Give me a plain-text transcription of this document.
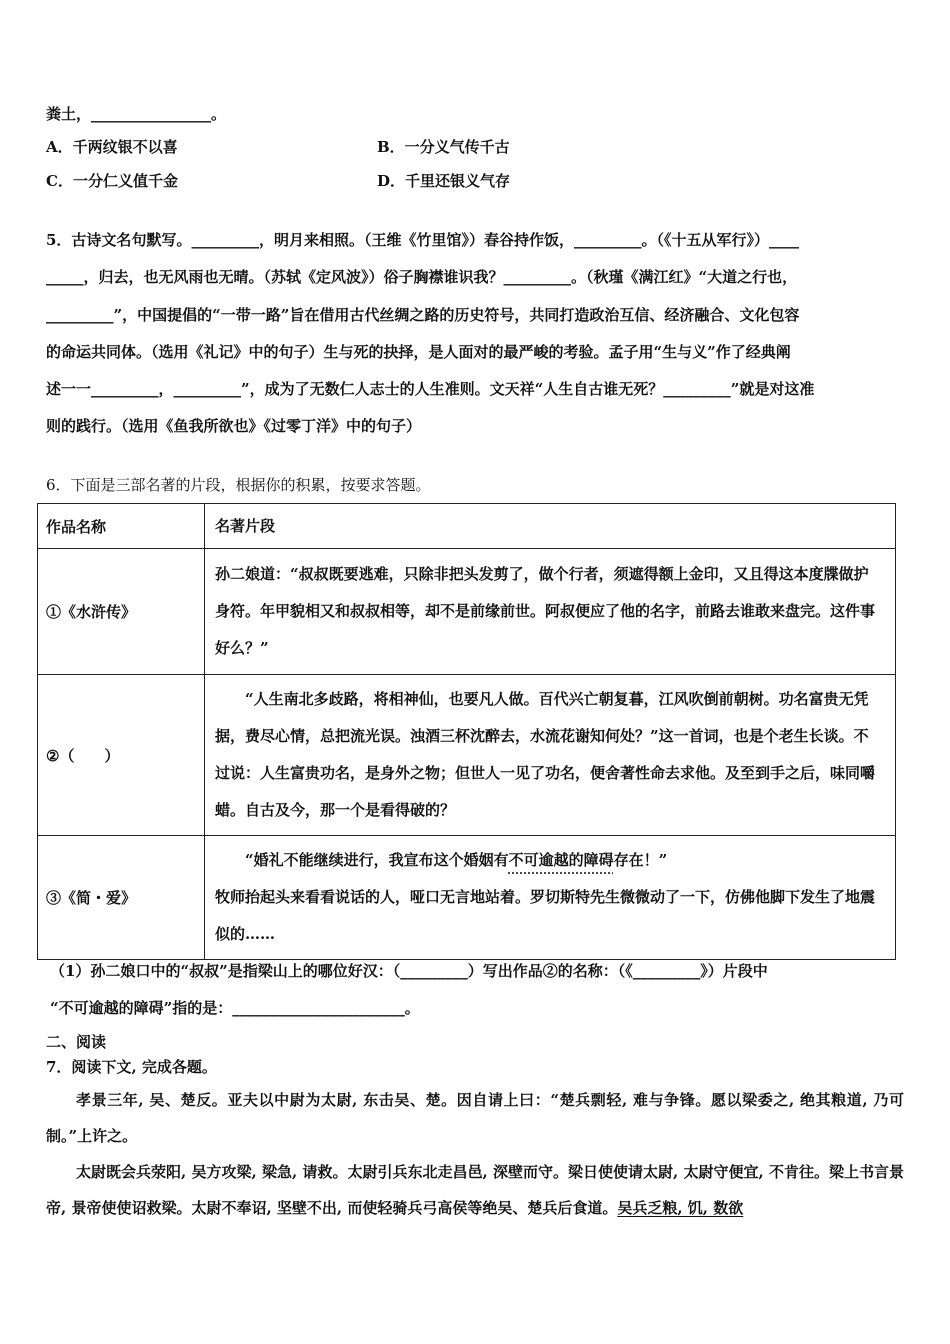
粪土，________________。
A．千两纹银不以喜	B．一分义气传千古
C．一分仁义值千金	D．千里还银义气存
5．古诗文名句默写。_________，明月来相照。（王维《竹里馆》）春谷持作饭，_________。（《十五从军行》）____
_____，归去，也无风雨也无晴。（苏轼《定风波》）俗子胸襟谁识我？_________。（秋瑾《满江红》“大道之行也，
_________”，中国提倡的“一带一路”旨在借用古代丝绸之路的历史符号，共同打造政治互信、经济融合、文化包容
的命运共同体。（选用《礼记》中的句子）生与死的抉择，是人面对的最严峻的考验。孟子用“生与义”作了经典阐
述一一_________，_________”，成为了无数仁人志士的人生准则。文天祥“人生自古谁无死？_________”就是对这准
则的践行。（选用《鱼我所欲也》《过零丁洋》中的句子）
6．下面是三部名著的片段，根据你的积累，按要求答题。
作品名称	名著片段
①《水浒传》	孙二娘道：“叔叔既要逃难，只除非把头发剪了，做个行者，须遮得额上金印，又且得这本度牒做护身符。年甲貌相又和叔叔相等，却不是前缘前世。阿叔便应了他的名字，前路去谁敢来盘完。这件事好么？”
②（　　）	“人生南北多歧路，将相神仙，也要凡人做。百代兴亡朝复暮，江风吹倒前朝树。功名富贵无凭据，费尽心情，总把流光误。浊酒三杯沈醉去，水流花谢知何处？”这一首词，也是个老生长谈。不过说：人生富贵功名，是身外之物；但世人一见了功名，便舍著性命去求他。及至到手之后，味同嚼蜡。自古及今，那一个是看得破的？
③《简・爱》	“婚礼不能继续进行，我宣布这个婚姻有不可逾越的障碍存在！”
牧师抬起头来看看说话的人，哑口无言地站着。罗切斯特先生微微动了一下，仿佛他脚下发生了地震似的……
（1）孙二娘口中的“叔叔”是指梁山上的哪位好汉：（_________）写出作品②的名称：（《_________》）片段中
“不可逾越的障碍”指的是：_______________________。
二、阅读
7．阅读下文, 完成各题。
孝景三年, 吴、楚反。亚夫以中尉为太尉, 东击吴、楚。因自请上曰：“楚兵剽轻, 难与争锋。愿以梁委之, 绝其粮道, 乃可制。”上许之。
太尉既会兵荥阳, 吴方攻梁, 梁急, 请救。太尉引兵东北走昌邑, 深壁而守。梁日使使请太尉, 太尉守便宜, 不肯往。梁上书言景帝, 景帝使使诏救梁。太尉不奉诏, 坚壁不出, 而使轻骑兵弓高侯等绝吴、楚兵后食道。吴兵乏粮, 饥, 数欲
